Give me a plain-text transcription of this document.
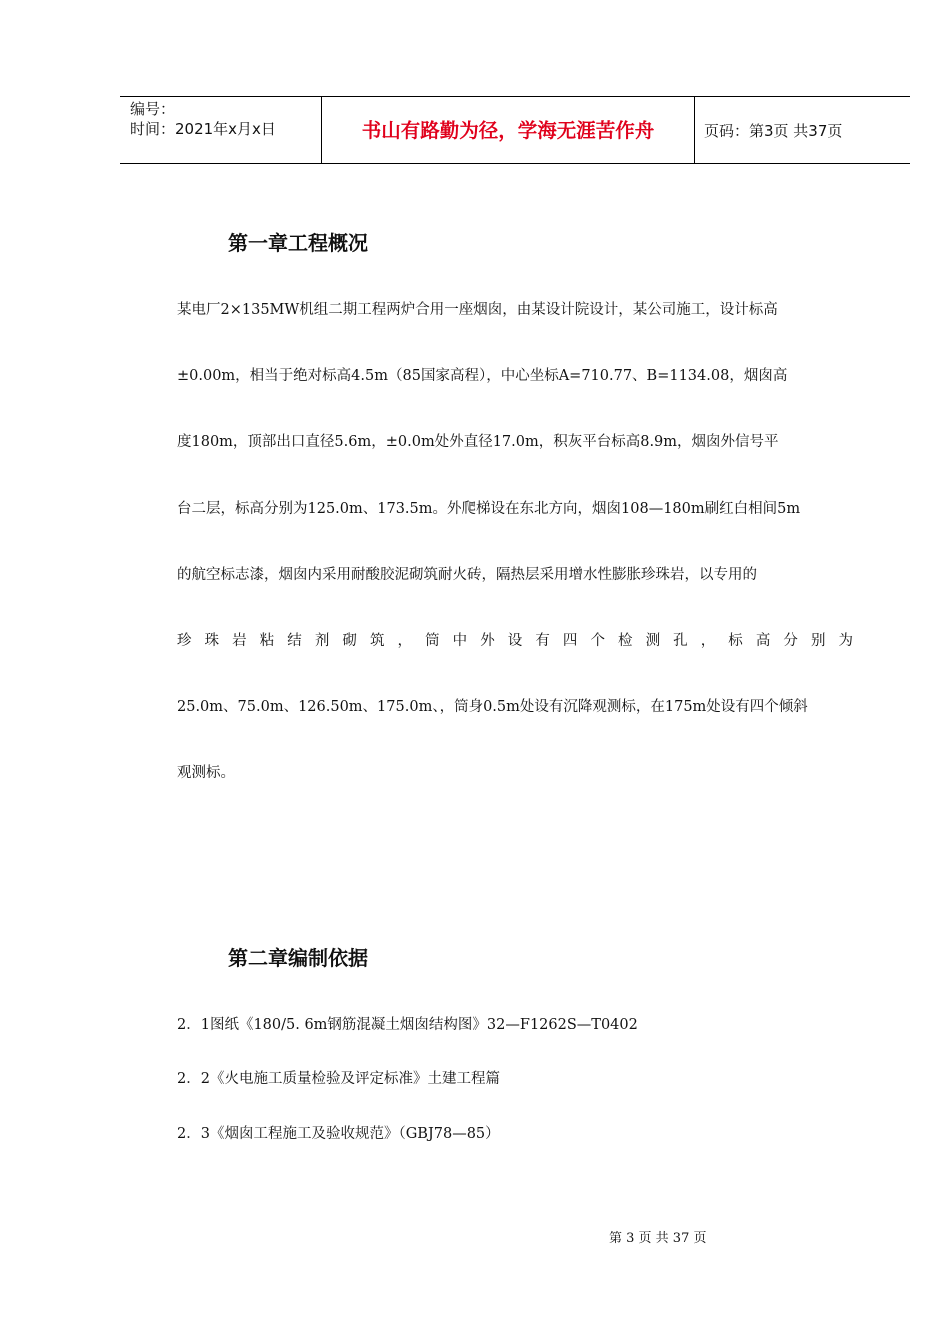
编号：
时间：2021年x月x日	书山有路勤为径，学海无涯苦作舟	页码：第3页 共37页
第一章工程概况
某电厂2×135MW机组二期工程两炉合用一座烟囱，由某设计院设计，某公司施工，设计标高
±0.00m，相当于绝对标高4.5m（85国家高程），中心坐标A=710.77、B=1134.08，烟囱高
度180m，顶部出口直径5.6m，±0.0m处外直径17.0m，积灰平台标高8.9m，烟囱外信号平
台二层，标高分别为125.0m、173.5m。外爬梯设在东北方向，烟囱108—180m刷红白相间5m
的航空标志漆，烟囱内采用耐酸胶泥砌筑耐火砖，隔热层采用增水性膨胀珍珠岩，以专用的
珍 珠 岩 粘 结 剂 砌 筑 ， 筒 中 外 设 有 四 个 检 测 孔 ， 标 高 分 别 为
25.0m、75.0m、126.50m、175.0m、，筒身0.5m处设有沉降观测标，在175m处设有四个倾斜
观测标。
第二章编制依据
2．1图纸《180/5. 6m钢筋混凝土烟囱结构图》32—F1262S—T0402
2．2《火电施工质量检验及评定标准》土建工程篇
2．3《烟囱工程施工及验收规范》（GBJ78—85）
第 3 页 共 37 页
